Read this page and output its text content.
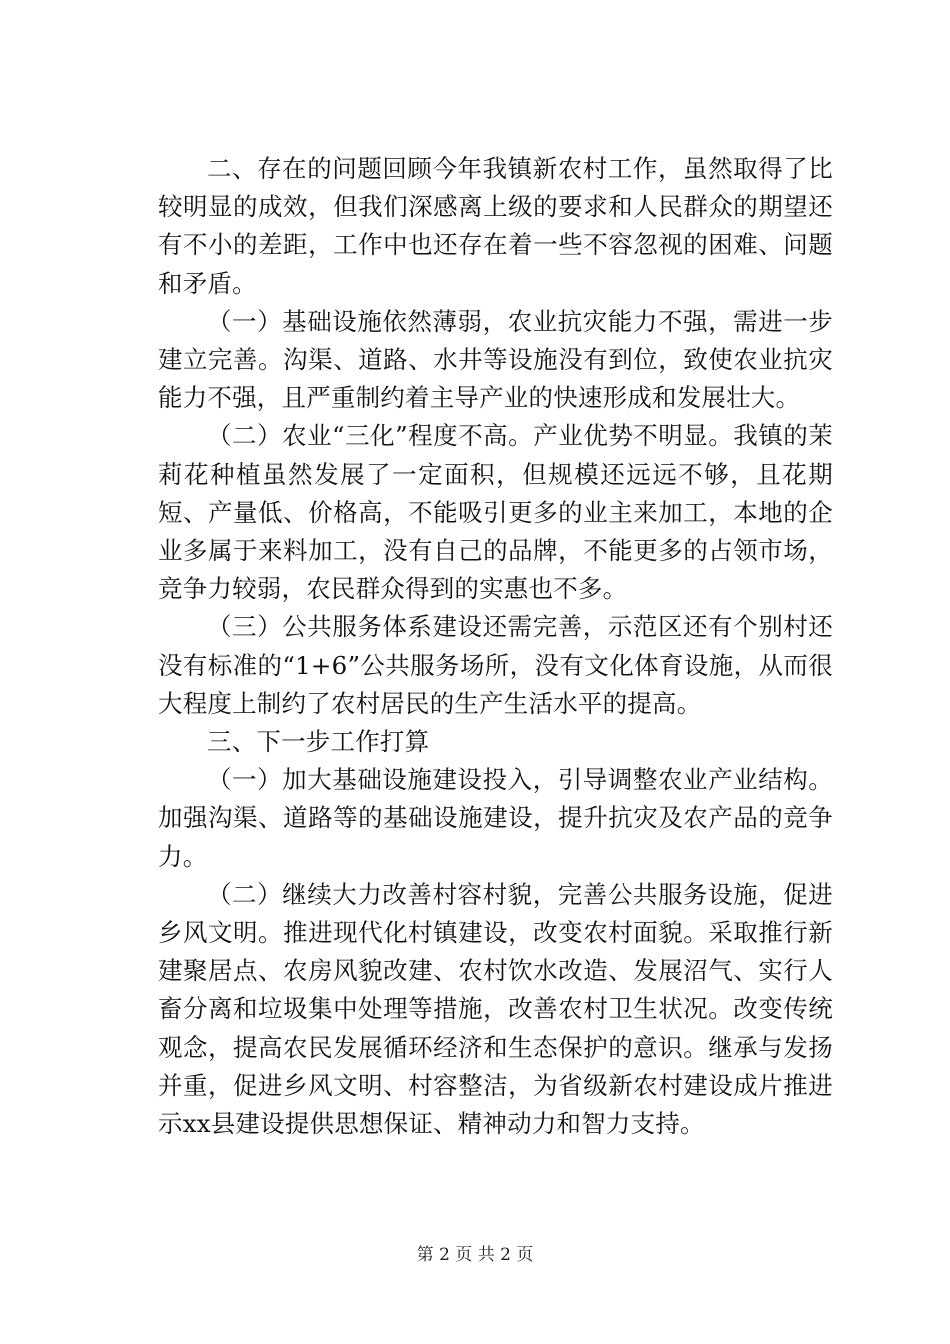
二、存在的问题回顾今年我镇新农村工作，虽然取得了比较明显的成效，但我们深感离上级的要求和人民群众的期望还有不小的差距，工作中也还存在着一些不容忽视的困难、问题和矛盾。

（一）基础设施依然薄弱，农业抗灾能力不强，需进一步建立完善。沟渠、道路、水井等设施没有到位，致使农业抗灾能力不强，且严重制约着主导产业的快速形成和发展壮大。

（二）农业“三化”程度不高。产业优势不明显。我镇的茉莉花种植虽然发展了一定面积，但规模还远远不够，且花期短、产量低、价格高，不能吸引更多的业主来加工，本地的企业多属于来料加工，没有自己的品牌，不能更多的占领市场，竞争力较弱，农民群众得到的实惠也不多。

（三）公共服务体系建设还需完善，示范区还有个别村还没有标准的“1+6”公共服务场所，没有文化体育设施，从而很大程度上制约了农村居民的生产生活水平的提高。

三、下一步工作打算

（一）加大基础设施建设投入，引导调整农业产业结构。加强沟渠、道路等的基础设施建设，提升抗灾及农产品的竞争力。

（二）继续大力改善村容村貌，完善公共服务设施，促进乡风文明。推进现代化村镇建设，改变农村面貌。采取推行新建聚居点、农房风貌改建、农村饮水改造、发展沼气、实行人畜分离和垃圾集中处理等措施，改善农村卫生状况。改变传统观念，提高农民发展循环经济和生态保护的意识。继承与发扬并重，促进乡风文明、村容整洁，为省级新农村建设成片推进示xx县建设提供思想保证、精神动力和智力支持。

第 2 页 共 2 页
